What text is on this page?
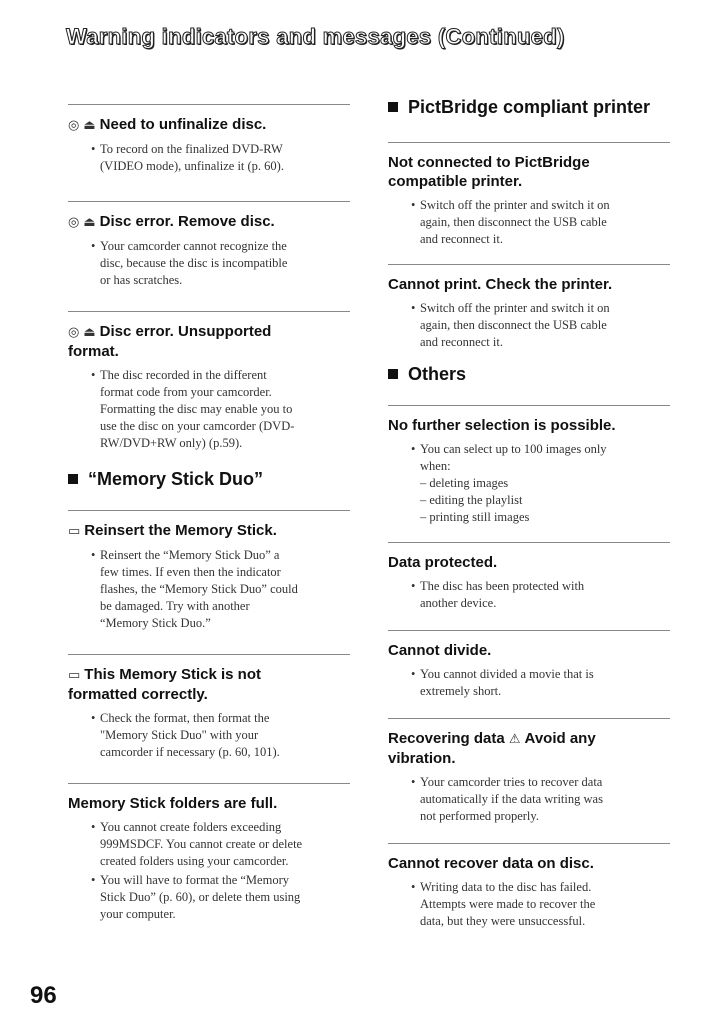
Warning indicators and messages (Continued)
◎ ⏏ Need to unfinalize disc.
• To record on the finalized DVD-RW
(VIDEO mode), unfinalize it (p. 60).
◎ ⏏ Disc error. Remove disc.
• Your camcorder cannot recognize the
disc, because the disc is incompatible
or has scratches.
◎ ⏏ Disc error. Unsupported
format.
• The disc recorded in the different
format code from your camcorder.
Formatting the disc may enable you to
use the disc on your camcorder (DVD-
RW/DVD+RW only) (p.59).
“Memory Stick Duo”
▭ Reinsert the Memory Stick.
• Reinsert the “Memory Stick Duo” a
few times. If even then the indicator
flashes, the “Memory Stick Duo” could
be damaged. Try with another
“Memory Stick Duo.”
▭ This Memory Stick is not
formatted correctly.
• Check the format, then format the
"Memory Stick Duo" with your
camcorder if necessary (p. 60, 101).
Memory Stick folders are full.
• You cannot create folders exceeding
999MSDCF. You cannot create or delete
created folders using your camcorder.
• You will have to format the “Memory
Stick Duo” (p. 60), or delete them using
your computer.
PictBridge compliant printer
Not connected to PictBridge
compatible printer.
• Switch off the printer and switch it on
again, then disconnect the USB cable
and reconnect it.
Cannot print. Check the printer.
• Switch off the printer and switch it on
again, then disconnect the USB cable
and reconnect it.
Others
No further selection is possible.
• You can select up to 100 images only
when:
– deleting images
– editing the playlist
– printing still images
Data protected.
• The disc has been protected with
another device.
Cannot divide.
• You cannot divided a movie that is
extremely short.
Recovering data ⚠ Avoid any
vibration.
• Your camcorder tries to recover data
automatically if the data writing was
not performed properly.
Cannot recover data on disc.
• Writing data to the disc has failed.
Attempts were made to recover the
data, but they were unsuccessful.
96
